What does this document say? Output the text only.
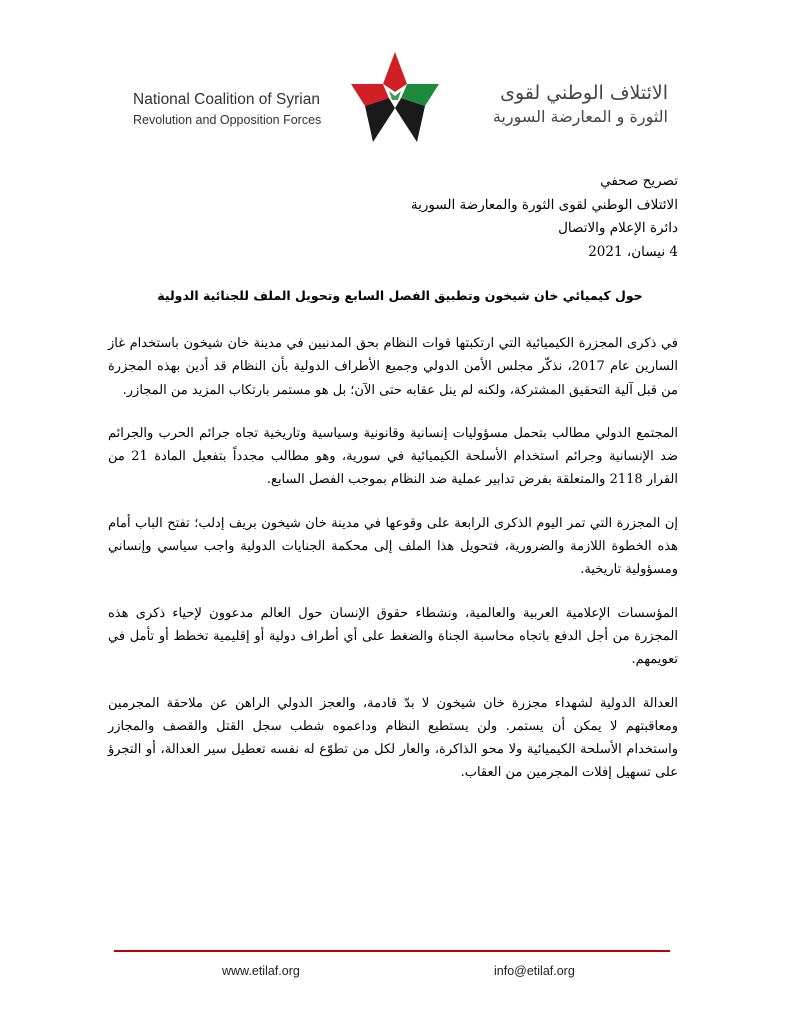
National Coalition of Syrian
Revolution and Opposition Forces
الائتلاف الوطني لقوى
الثورة و المعارضة السورية
تصريح صحفي
الائتلاف الوطني لقوى الثورة والمعارضة السورية
دائرة الإعلام والاتصال
4 نيسان، 2021
حول كيميائي خان شيخون وتطبيق الفصل السابع وتحويل الملف للجنائية الدولية

في ذكرى المجزرة الكيميائية التي ارتكبتها قوات النظام بحق المدنيين في مدينة خان شيخون باستخدام غاز السارين عام 2017، نذكّر مجلس الأمن الدولي وجميع الأطراف الدولية بأن النظام قد أدين بهذه المجزرة من قبل آلية التحقيق المشتركة، ولكنه لم ينل عقابه حتى الآن؛ بل هو مستمر بارتكاب المزيد من المجازر.

المجتمع الدولي مطالب بتحمل مسؤوليات إنسانية وقانونية وسياسية وتاريخية تجاه جرائم الحرب والجرائم ضد الإنسانية وجرائم استخدام الأسلحة الكيميائية في سورية، وهو مطالب مجدداً بتفعيل المادة 21 من القرار 2118 والمتعلقة بفرض تدابير عملية ضد النظام بموجب الفصل السابع.

إن المجزرة التي تمر اليوم الذكرى الرابعة على وقوعها في مدينة خان شيخون بريف إدلب؛ تفتح الباب أمام هذه الخطوة اللازمة والضرورية، فتحويل هذا الملف إلى محكمة الجنايات الدولية واجب سياسي وإنساني ومسؤولية تاريخية.

المؤسسات الإعلامية العربية والعالمية، ونشطاء حقوق الإنسان حول العالم مدعوون لإحياء ذكرى هذه المجزرة من أجل الدفع باتجاه محاسبة الجناة والضغط على أي أطراف دولية أو إقليمية تخطط أو تأمل في تعويمهم.

العدالة الدولية لشهداء مجزرة خان شيخون لا بدّ قادمة، والعجز الدولي الراهن عن ملاحقة المجرمين ومعاقبتهم لا يمكن أن يستمر. ولن يستطيع النظام وداعموه شطب سجل القتل والقصف والمجازر واستخدام الأسلحة الكيميائية ولا محو الذاكرة، والعار لكل من تطوّع له نفسه تعطيل سير العدالة، أو التجرؤ على تسهيل إفلات المجرمين من العقاب.

www.etilaf.org	info@etilaf.org
